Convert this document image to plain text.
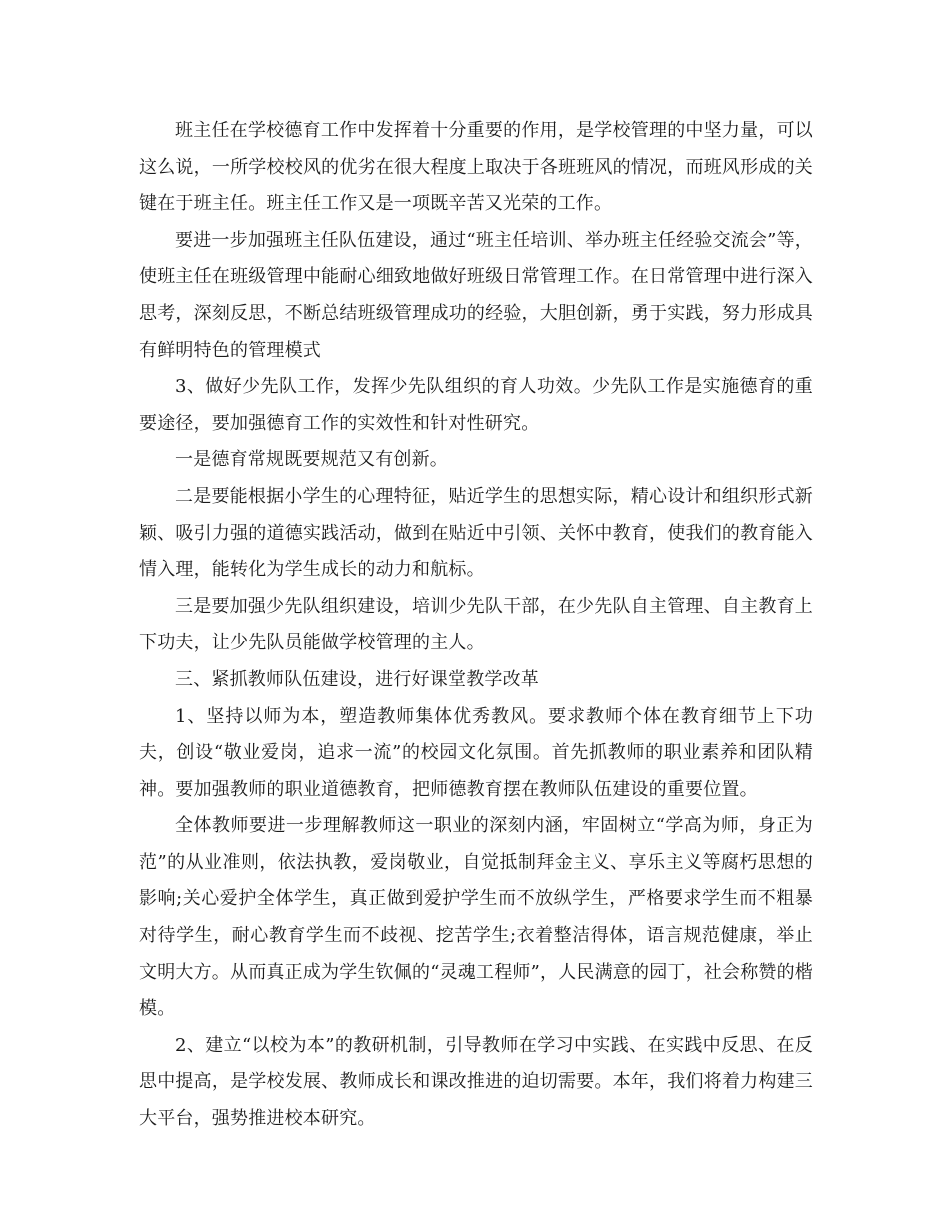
班主任在学校德育工作中发挥着十分重要的作用，是学校管理的中坚力量，可以这么说，一所学校校风的优劣在很大程度上取决于各班班风的情况，而班风形成的关键在于班主任。班主任工作又是一项既辛苦又光荣的工作。

要进一步加强班主任队伍建设，通过“班主任培训、举办班主任经验交流会”等，使班主任在班级管理中能耐心细致地做好班级日常管理工作。在日常管理中进行深入思考，深刻反思，不断总结班级管理成功的经验，大胆创新，勇于实践，努力形成具有鲜明特色的管理模式

3、做好少先队工作，发挥少先队组织的育人功效。少先队工作是实施德育的重要途径，要加强德育工作的实效性和针对性研究。

一是德育常规既要规范又有创新。

二是要能根据小学生的心理特征，贴近学生的思想实际，精心设计和组织形式新颖、吸引力强的道德实践活动，做到在贴近中引领、关怀中教育，使我们的教育能入情入理，能转化为学生成长的动力和航标。

三是要加强少先队组织建设，培训少先队干部，在少先队自主管理、自主教育上下功夫，让少先队员能做学校管理的主人。

三、紧抓教师队伍建设，进行好课堂教学改革

1、坚持以师为本，塑造教师集体优秀教风。要求教师个体在教育细节上下功夫，创设“敬业爱岗，追求一流”的校园文化氛围。首先抓教师的职业素养和团队精神。要加强教师的职业道德教育，把师德教育摆在教师队伍建设的重要位置。

全体教师要进一步理解教师这一职业的深刻内涵，牢固树立“学高为师，身正为范”的从业准则，依法执教，爱岗敬业，自觉抵制拜金主义、享乐主义等腐朽思想的影响;关心爱护全体学生，真正做到爱护学生而不放纵学生，严格要求学生而不粗暴对待学生，耐心教育学生而不歧视、挖苦学生;衣着整洁得体，语言规范健康，举止文明大方。从而真正成为学生钦佩的“灵魂工程师”，人民满意的园丁，社会称赞的楷模。

2、建立“以校为本”的教研机制，引导教师在学习中实践、在实践中反思、在反思中提高，是学校发展、教师成长和课改推进的迫切需要。本年，我们将着力构建三大平台，强势推进校本研究。
